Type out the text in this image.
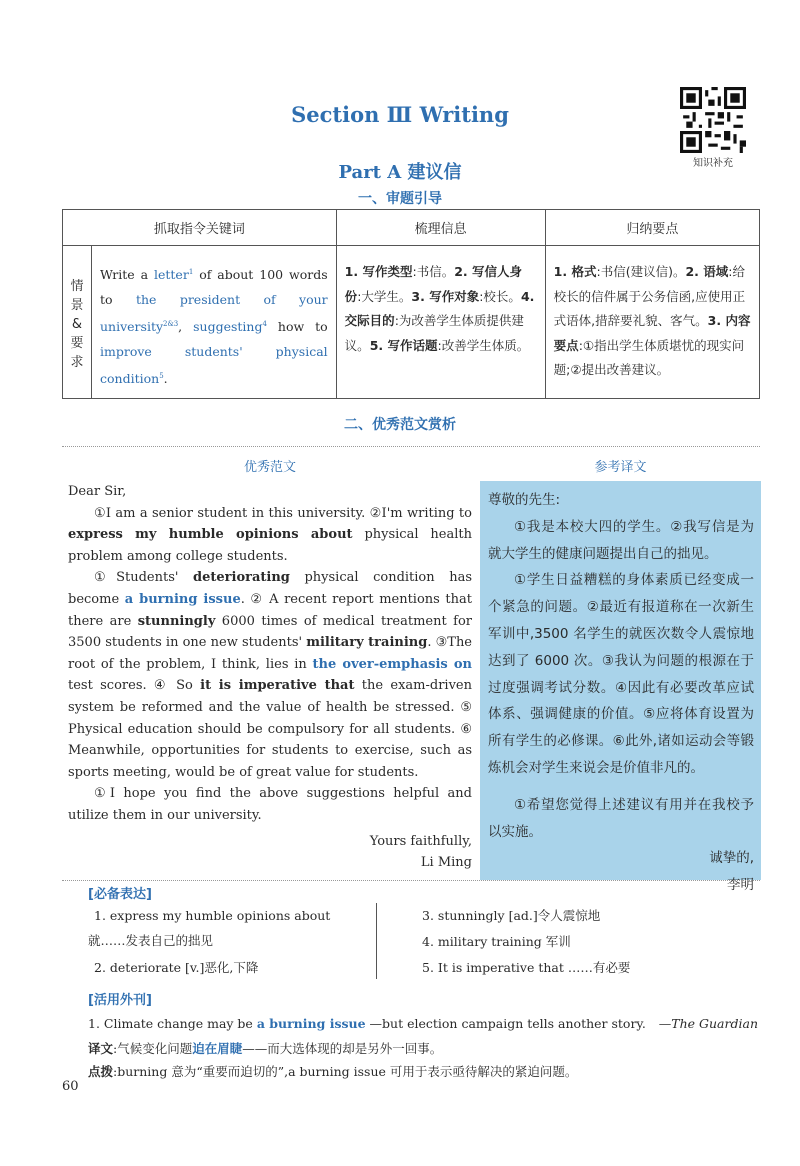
Section Ⅲ Writing
Part A 建议信
一、审题引导
知识补充
抓取指令关键词		梳理信息	归纳要点

情
景
&
要
求	Write a letter$^1$ of about 100 words to the president of your university$^{2\&3}$, suggesting$^4$ how to improve students' physical condition$^5$.	1. 写作类型:书信。2. 写信人身份:大学生。3. 写作对象:校长。4. 交际目的:为改善学生体质提供建议。5. 写作话题:改善学生体质。	1. 格式:书信(建议信)。2. 语域:给校长的信件属于公务信函,应使用正式语体,措辞要礼貌、客气。3. 内容要点:①指出学生体质堪忧的现实问题;②提出改善建议。
二、优秀范文赏析
优秀范文	参考译文

Dear Sir,

①I am a senior student in this university. ②I'm writing to express my humble opinions about physical health problem among college students.

①Students' deteriorating physical condition has become a burning issue. ② A recent report mentions that there are stunningly 6000 times of medical treatment for 3500 students in one new students' military training. ③The root of the problem, I think, lies in the over-emphasis on test scores. ④ So it is imperative that the exam-driven system be reformed and the value of health be stressed. ⑤ Physical education should be compulsory for all students. ⑥ Meanwhile, opportunities for students to exercise, such as sports meeting, would be of great value for students.

①I hope you find the above suggestions helpful and utilize them in our university.

Yours faithfully,

Li Ming

尊敬的先生:

①我是本校大四的学生。②我写信是为就大学生的健康问题提出自己的拙见。

①学生日益糟糕的身体素质已经变成一个紧急的问题。②最近有报道称在一次新生军训中,3500 名学生的就医次数令人震惊地达到了 6000 次。③我认为问题的根源在于过度强调考试分数。④因此有必要改革应试体系、强调健康的价值。⑤应将体育设置为所有学生的必修课。⑥此外,诸如运动会等锻炼机会对学生来说会是价值非凡的。

①希望您觉得上述建议有用并在我校予以实施。

诚挚的,

李明

[必备表达]
1. express my humble opinions about 就……发表自己的拙见
2. deteriorate [v.]恶化,下降
3. stunningly [ad.]令人震惊地
4. military training 军训
5. It is imperative that ……有必要
[活用外刊]
1. Climate change may be a burning issue —but election campaign tells another story. —The Guardian
译文:气候变化问题迫在眉睫——而大选体现的却是另外一回事。
点拨:burning 意为“重要而迫切的”,a burning issue 可用于表示亟待解决的紧迫问题。
60
